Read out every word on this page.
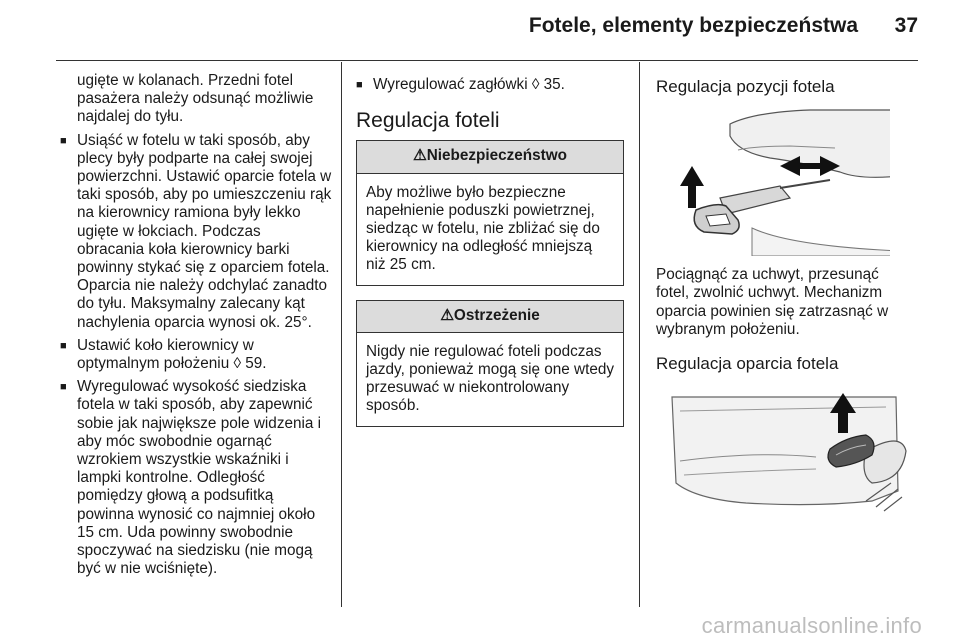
Fotele, elementy bezpieczeństwa 37

ugięte w kolanach. Przedni fotel pasażera należy odsunąć możliwie najdalej do tyłu.

■ Usiąść w fotelu w taki sposób, aby plecy były podparte na całej swojej powierzchni. Ustawić oparcie fotela w taki sposób, aby po umieszczeniu rąk na kierownicy ramiona były lekko ugięte w łokciach. Podczas obracania koła kierownicy barki powinny stykać się z oparciem fotela. Oparcia nie należy odchylać zanadto do tyłu. Maksymalny zalecany kąt nachylenia oparcia wynosi ok. 25°.

■ Ustawić koło kierownicy w optymalnym położeniu ◊ 59.

■ Wyregulować wysokość siedziska fotela w taki sposób, aby zapewnić sobie jak największe pole widzenia i aby móc swobodnie ogarnąć wzrokiem wszystkie wskaźniki i lampki kontrolne. Odległość pomiędzy głową a podsufitką powinna wynosić co najmniej około 15 cm. Uda powinny swobodnie spoczywać na siedzisku (nie mogą być w nie wciśnięte).

■ Wyregulować zagłówki ◊ 35.

Regulacja foteli
⚠Niebezpieczeństwo
Aby możliwe było bezpieczne napełnienie poduszki powietrznej, siedząc w fotelu, nie zbliżać się do kierownicy na odległość mniejszą niż 25 cm.
⚠Ostrzeżenie
Nigdy nie regulować foteli podczas jazdy, ponieważ mogą się one wtedy przesuwać w niekontrolowany sposób.
Regulacja pozycji fotela

Pociągnąć za uchwyt, przesunąć fotel, zwolnić uchwyt. Mechanizm oparcia powinien się zatrzasnąć w wybranym położeniu.

Regulacja oparcia fotela
carmanualsonline.info
